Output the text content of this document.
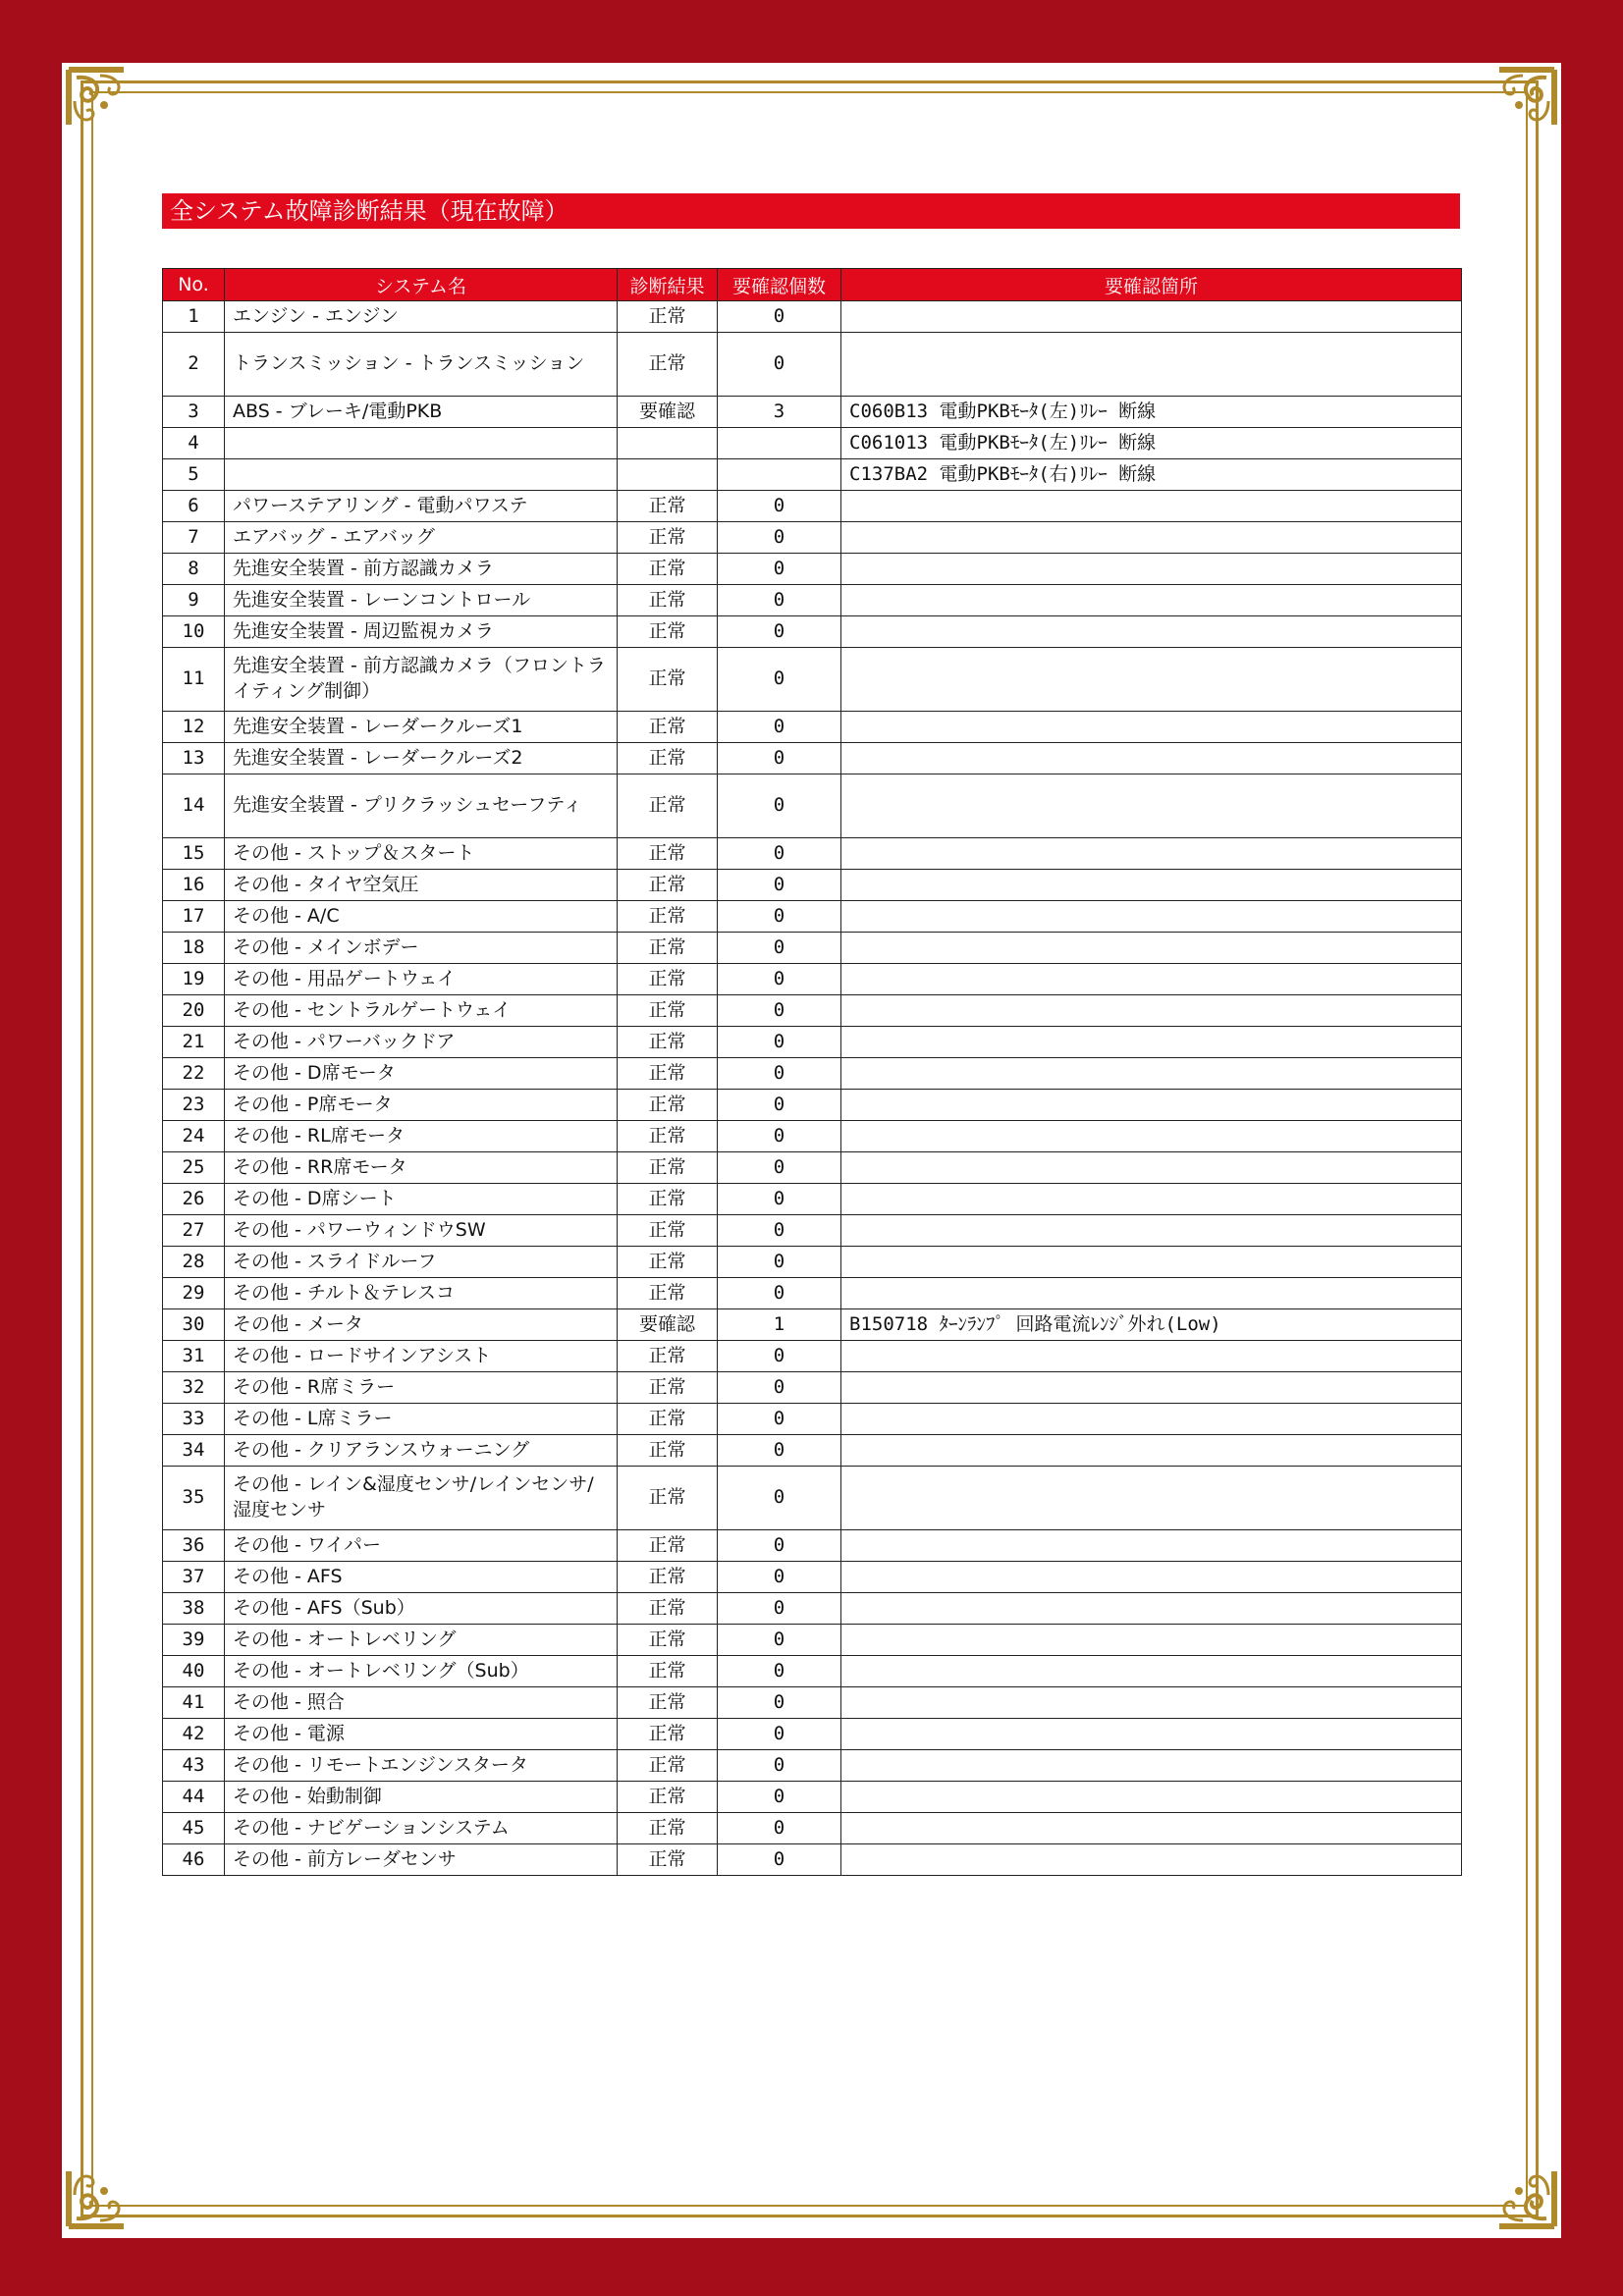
全システム故障診断結果（現在故障）
No.	システム名	診断結果	要確認個数	要確認箇所
1	エンジン - エンジン	正常	0	
2	トランスミッション - トランスミッション	正常	0	
3	ABS - ブレーキ/電動PKB	要確認	3	C060B13 電動PKBﾓｰﾀ(左)ﾘﾚｰ 断線
4				C061013 電動PKBﾓｰﾀ(左)ﾘﾚｰ 断線
5				C137BA2 電動PKBﾓｰﾀ(右)ﾘﾚｰ 断線
6	パワーステアリング - 電動パワステ	正常	0	
7	エアバッグ - エアバッグ	正常	0	
8	先進安全装置 - 前方認識カメラ	正常	0	
9	先進安全装置 - レーンコントロール	正常	0	
10	先進安全装置 - 周辺監視カメラ	正常	0	
11	先進安全装置 - 前方認識カメラ（フロントライティング制御）	正常	0	
12	先進安全装置 - レーダークルーズ1	正常	0	
13	先進安全装置 - レーダークルーズ2	正常	0	
14	先進安全装置 - プリクラッシュセーフティ	正常	0	
15	その他 - ストップ＆スタート	正常	0	
16	その他 - タイヤ空気圧	正常	0	
17	その他 - A/C	正常	0	
18	その他 - メインボデー	正常	0	
19	その他 - 用品ゲートウェイ	正常	0	
20	その他 - セントラルゲートウェイ	正常	0	
21	その他 - パワーバックドア	正常	0	
22	その他 - D席モータ	正常	0	
23	その他 - P席モータ	正常	0	
24	その他 - RL席モータ	正常	0	
25	その他 - RR席モータ	正常	0	
26	その他 - D席シート	正常	0	
27	その他 - パワーウィンドウSW	正常	0	
28	その他 - スライドルーフ	正常	0	
29	その他 - チルト＆テレスコ	正常	0	
30	その他 - メータ	要確認	1	B150718 ﾀｰﾝﾗﾝﾌﾟ 回路電流ﾚﾝｼﾞ外れ(Low)
31	その他 - ロードサインアシスト	正常	0	
32	その他 - R席ミラー	正常	0	
33	その他 - L席ミラー	正常	0	
34	その他 - クリアランスウォーニング	正常	0	
35	その他 - レイン&湿度センサ/レインセンサ/湿度センサ	正常	0	
36	その他 - ワイパー	正常	0	
37	その他 - AFS	正常	0	
38	その他 - AFS（Sub）	正常	0	
39	その他 - オートレベリング	正常	0	
40	その他 - オートレベリング（Sub）	正常	0	
41	その他 - 照合	正常	0	
42	その他 - 電源	正常	0	
43	その他 - リモートエンジンスタータ	正常	0	
44	その他 - 始動制御	正常	0	
45	その他 - ナビゲーションシステム	正常	0	
46	その他 - 前方レーダセンサ	正常	0	
